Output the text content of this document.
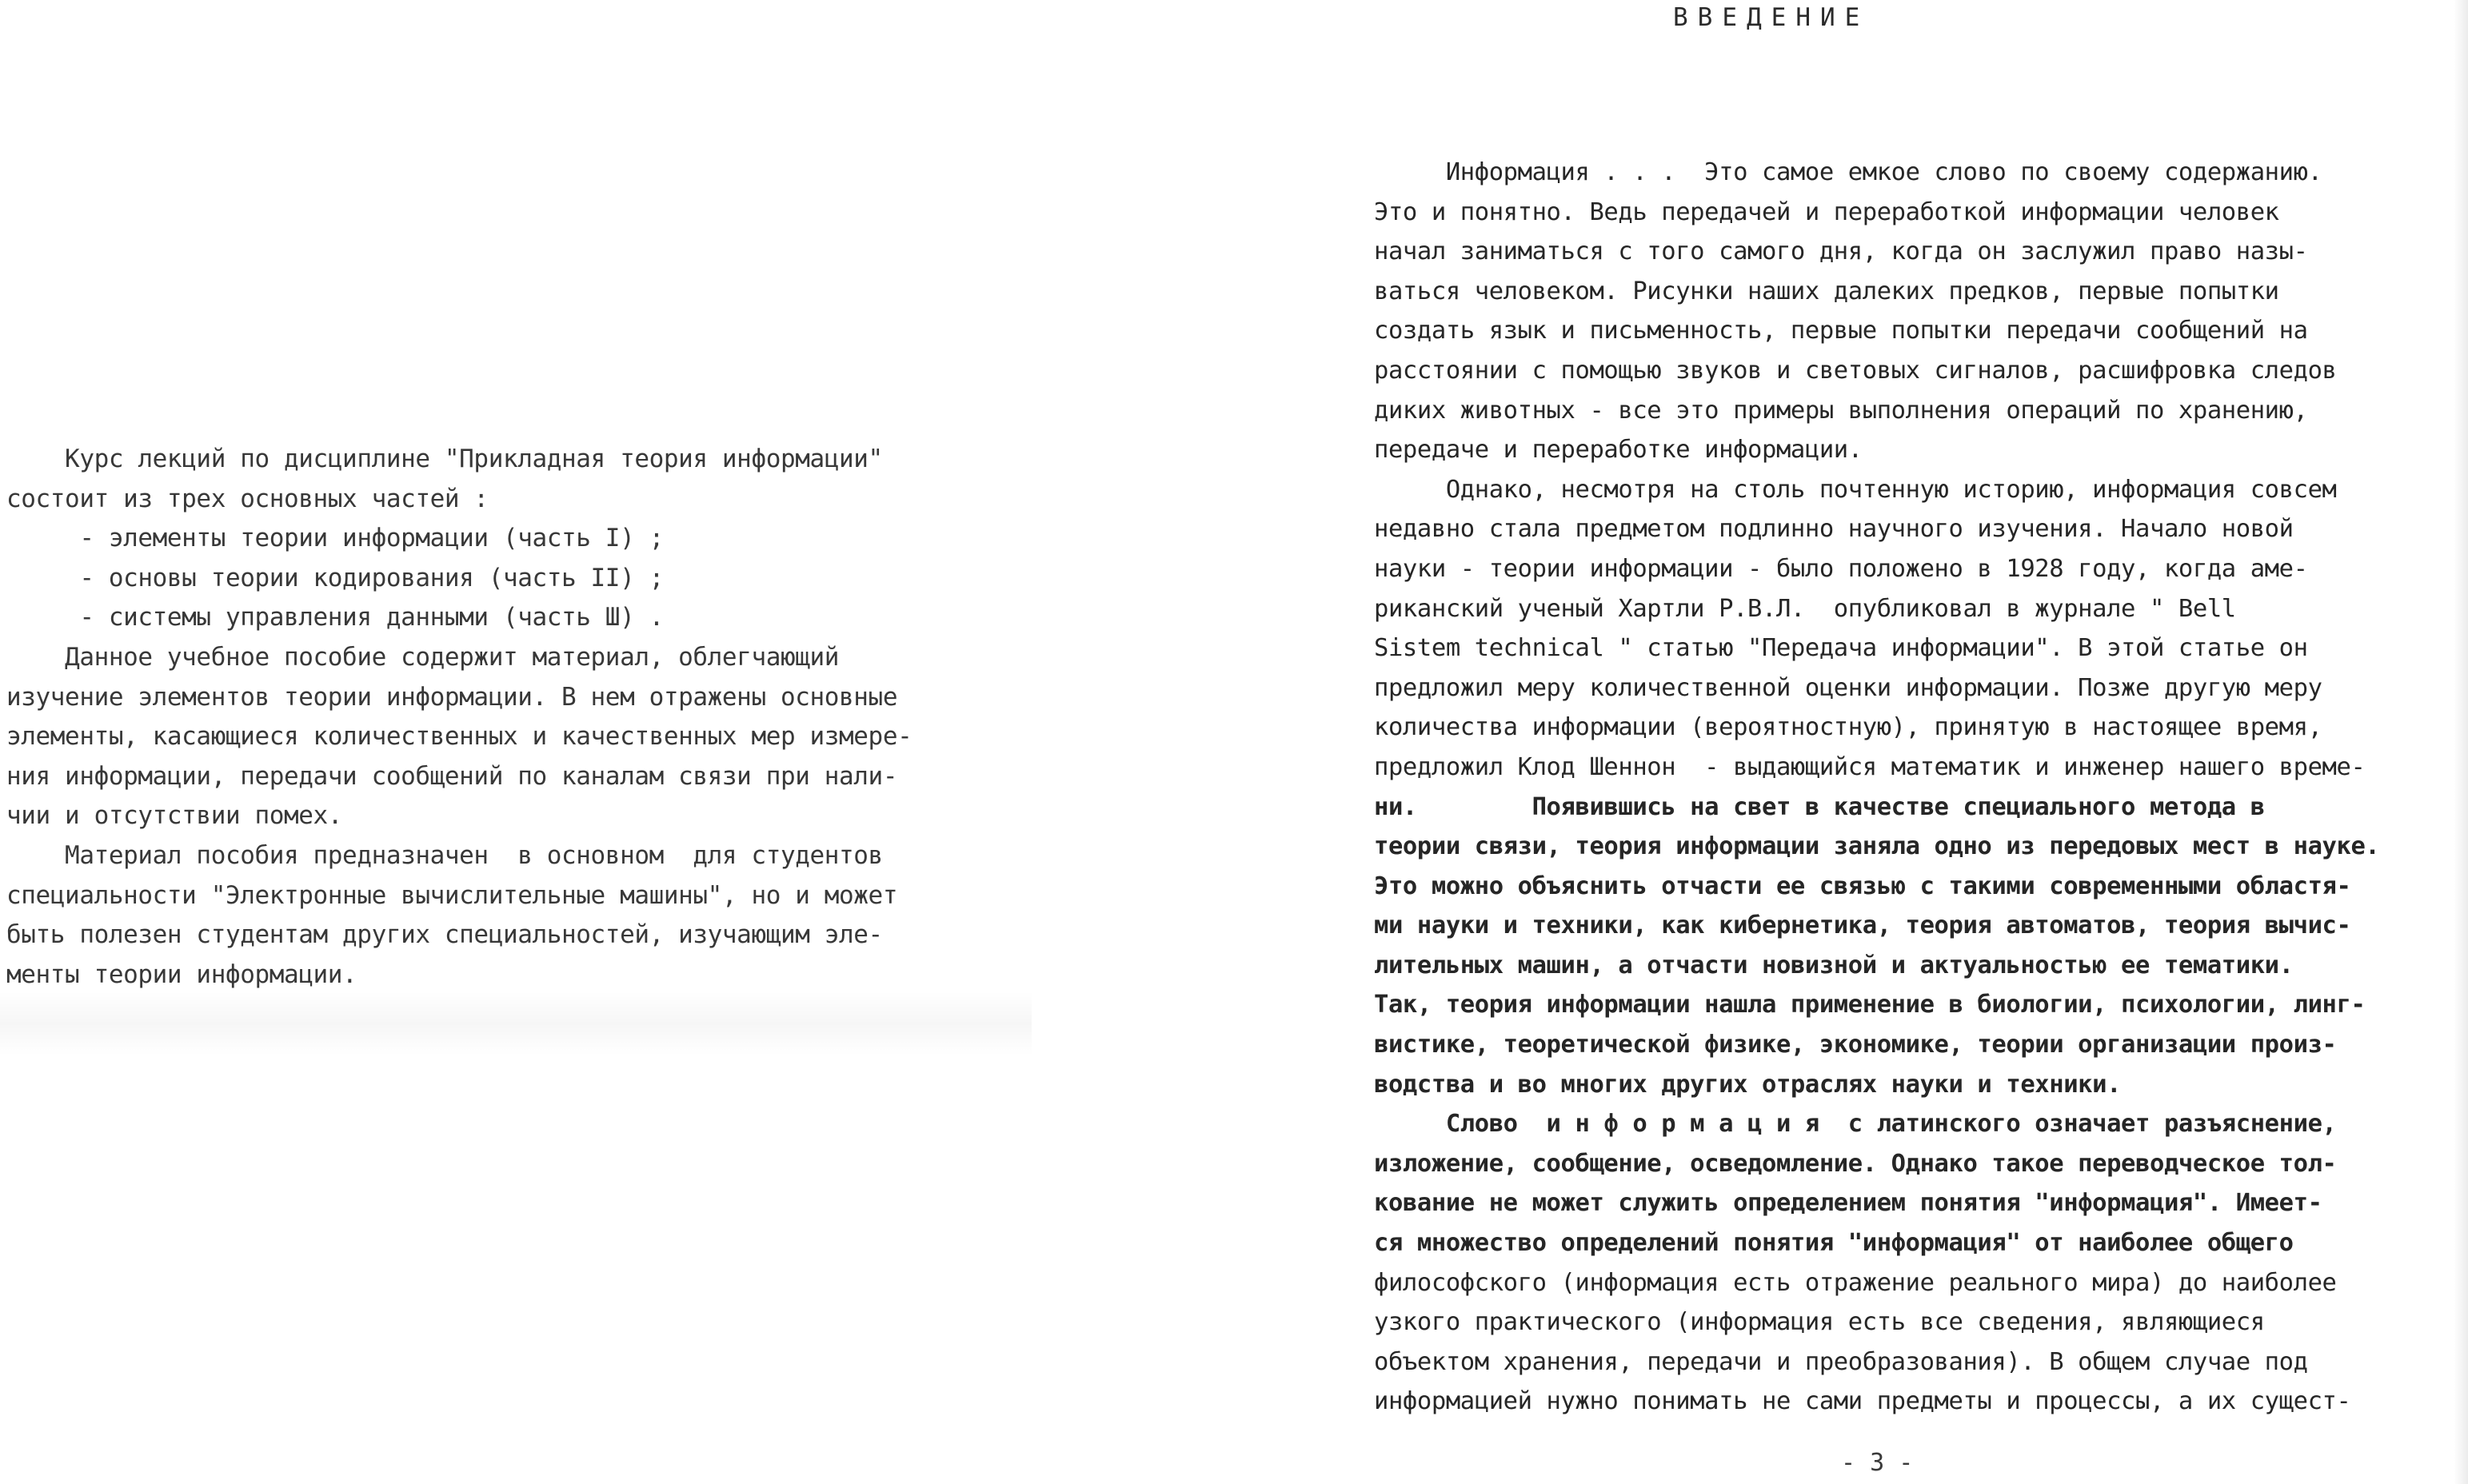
Курс лекций по дисциплине "Прикладная теория информации"
состоит из трех основных частей :
- элементы теории информации (часть I) ;
- основы теории кодирования (часть II) ;
- системы управления данными (часть Ш) .
Данное учебное пособие содержит материал, облегчающий
изучение элементов теории информации. В нем отражены основные
элементы, касающиеся количественных и качественных мер измере-
ния информации, передачи сообщений по каналам связи при нали-
чии и отсутствии помех.
Материал пособия предназначен  в основном  для студентов
специальности "Электронные вычислительные машины", но и может
быть полезен студентам других специальностей, изучающим эле-
менты теории информации.
ВВЕДЕНИЕ
Информация . . .  Это самое емкое слово по своему содержанию.
Это и понятно. Ведь передачей и переработкой информации человек
начал заниматься с того самого дня, когда он заслужил право назы-
ваться человеком. Рисунки наших далеких предков, первые попытки
создать язык и письменность, первые попытки передачи сообщений на
расстоянии с помощью звуков и световых сигналов, расшифровка следов
диких животных - все это примеры выполнения операций по хранению,
передаче и переработке информации.
Однако, несмотря на столь почтенную историю, информация совсем
недавно стала предметом подлинно научного изучения. Начало новой
науки - теории информации - было положено в 1928 году, когда аме-
риканский ученый Хартли Р.В.Л.  опубликовал в журнале " Bell
Sistem technical " статью "Передача информации". В этой статье он
предложил меру количественной оценки информации. Позже другую меру
количества информации (вероятностную), принятую в настоящее время,
предложил Клод Шеннон  - выдающийся математик и инженер нашего време-
ни.        Появившись на свет в качестве специального метода в
теории связи, теория информации заняла одно из передовых мест в науке.
Это можно объяснить отчасти ее связью с такими современными областя-
ми науки и техники, как кибернетика, теория автоматов, теория вычис-
лительных машин, а отчасти новизной и актуальностью ее тематики.
Так, теория информации нашла применение в биологии, психологии, линг-
вистике, теоретической физике, экономике, теории организации произ-
водства и во многих других отраслях науки и техники.
Слово  и н ф о р м а ц и я  с латинского означает разъяснение,
изложение, сообщение, осведомление. Однако такое переводческое тол-
кование не может служить определением понятия "информация". Имеет-
ся множество определений понятия "информация" от наиболее общего
философского (информация есть отражение реального мира) до наиболее
узкого практического (информация есть все сведения, являющиеся
объектом хранения, передачи и преобразования). В общем случае под
информацией нужно понимать не сами предметы и процессы, а их сущест-
- 3 -
